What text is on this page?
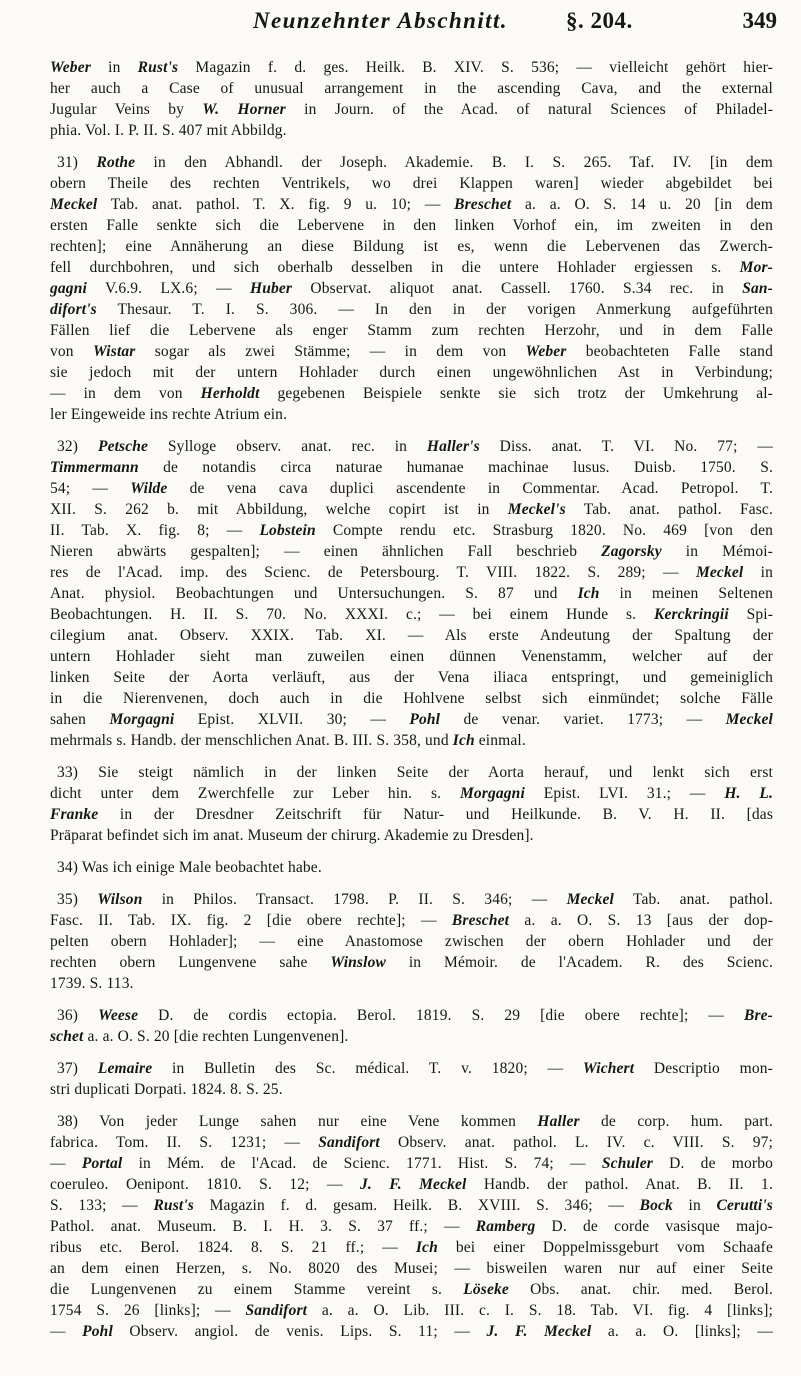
Neunzehnter Abschnitt.	§. 204.	349
Weber in Rust's Magazin f. d. ges. Heilk. B. XIV. S. 536; — vielleicht gehört hier-
her auch a Case of unusual arrangement in the ascending Cava, and the external
Jugular Veins by W. Horner in Journ. of the Acad. of natural Sciences of Philadel-
phia. Vol. I. P. II. S. 407 mit Abbildg.
31) Rothe in den Abhandl. der Joseph. Akademie. B. I. S. 265. Taf. IV. [in dem
obern Theile des rechten Ventrikels, wo drei Klappen waren] wieder abgebildet bei
Meckel Tab. anat. pathol. T. X. fig. 9 u. 10; — Breschet a. a. O. S. 14 u. 20 [in dem
ersten Falle senkte sich die Lebervene in den linken Vorhof ein, im zweiten in den
rechten]; eine Annäherung an diese Bildung ist es, wenn die Lebervenen das Zwerch-
fell durchbohren, und sich oberhalb desselben in die untere Hohlader ergiessen s. Mor-
gagni V.6.9. LX.6; — Huber Observat. aliquot anat. Cassell. 1760. S.34 rec. in San-
difort's Thesaur. T. I. S. 306. — In den in der vorigen Anmerkung aufgeführten
Fällen lief die Lebervene als enger Stamm zum rechten Herzohr, und in dem Falle
von Wistar sogar als zwei Stämme; — in dem von Weber beobachteten Falle stand
sie jedoch mit der untern Hohlader durch einen ungewöhnlichen Ast in Verbindung;
— in dem von Herholdt gegebenen Beispiele senkte sie sich trotz der Umkehrung al-
ler Eingeweide ins rechte Atrium ein.
32) Petsche Sylloge observ. anat. rec. in Haller's Diss. anat. T. VI. No. 77; —
Timmermann de notandis circa naturae humanae machinae lusus. Duisb. 1750. S.
54; — Wilde de vena cava duplici ascendente in Commentar. Acad. Petropol. T.
XII. S. 262 b. mit Abbildung, welche copirt ist in Meckel's Tab. anat. pathol. Fasc.
II. Tab. X. fig. 8; — Lobstein Compte rendu etc. Strasburg 1820. No. 469 [von den
Nieren abwärts gespalten]; — einen ähnlichen Fall beschrieb Zagorsky in Mémoi-
res de l'Acad. imp. des Scienc. de Petersbourg. T. VIII. 1822. S. 289; — Meckel in
Anat. physiol. Beobachtungen und Untersuchungen. S. 87 und Ich in meinen Seltenen
Beobachtungen. H. II. S. 70. No. XXXI. c.; — bei einem Hunde s. Kerckringii Spi-
cilegium anat. Observ. XXIX. Tab. XI. — Als erste Andeutung der Spaltung der
untern Hohlader sieht man zuweilen einen dünnen Venenstamm, welcher auf der
linken Seite der Aorta verläuft, aus der Vena iliaca entspringt, und gemeiniglich
in die Nierenvenen, doch auch in die Hohlvene selbst sich einmündet; solche Fälle
sahen Morgagni Epist. XLVII. 30; — Pohl de venar. variet. 1773; — Meckel
mehrmals s. Handb. der menschlichen Anat. B. III. S. 358, und Ich einmal.
33) Sie steigt nämlich in der linken Seite der Aorta herauf, und lenkt sich erst
dicht unter dem Zwerchfelle zur Leber hin. s. Morgagni Epist. LVI. 31.; — H. L.
Franke in der Dresdner Zeitschrift für Natur- und Heilkunde. B. V. H. II. [das
Präparat befindet sich im anat. Museum der chirurg. Akademie zu Dresden].
34) Was ich einige Male beobachtet habe.
35) Wilson in Philos. Transact. 1798. P. II. S. 346; — Meckel Tab. anat. pathol.
Fasc. II. Tab. IX. fig. 2 [die obere rechte]; — Breschet a. a. O. S. 13 [aus der dop-
pelten obern Hohlader]; — eine Anastomose zwischen der obern Hohlader und der
rechten obern Lungenvene sahe Winslow in Mémoir. de l'Academ. R. des Scienc.
1739. S. 113.
36) Weese D. de cordis ectopia. Berol. 1819. S. 29 [die obere rechte]; — Bre-
schet a. a. O. S. 20 [die rechten Lungenvenen].
37) Lemaire in Bulletin des Sc. médical. T. v. 1820; — Wichert Descriptio mon-
stri duplicati Dorpati. 1824. 8. S. 25.
38) Von jeder Lunge sahen nur eine Vene kommen Haller de corp. hum. part.
fabrica. Tom. II. S. 1231; — Sandifort Observ. anat. pathol. L. IV. c. VIII. S. 97;
— Portal in Mém. de l'Acad. de Scienc. 1771. Hist. S. 74; — Schuler D. de morbo
coeruleo. Oenipont. 1810. S. 12; — J. F. Meckel Handb. der pathol. Anat. B. II. 1.
S. 133; — Rust's Magazin f. d. gesam. Heilk. B. XVIII. S. 346; — Bock in Cerutti's
Pathol. anat. Museum. B. I. H. 3. S. 37 ff.; — Ramberg D. de corde vasisque majo-
ribus etc. Berol. 1824. 8. S. 21 ff.; — Ich bei einer Doppelmissgeburt vom Schaafe
an dem einen Herzen, s. No. 8020 des Musei; — bisweilen waren nur auf einer Seite
die Lungenvenen zu einem Stamme vereint s. Löseke Obs. anat. chir. med. Berol.
1754 S. 26 [links]; — Sandifort a. a. O. Lib. III. c. I. S. 18. Tab. VI. fig. 4 [links];
— Pohl Observ. angiol. de venis. Lips. S. 11; — J. F. Meckel a. a. O. [links]; —
